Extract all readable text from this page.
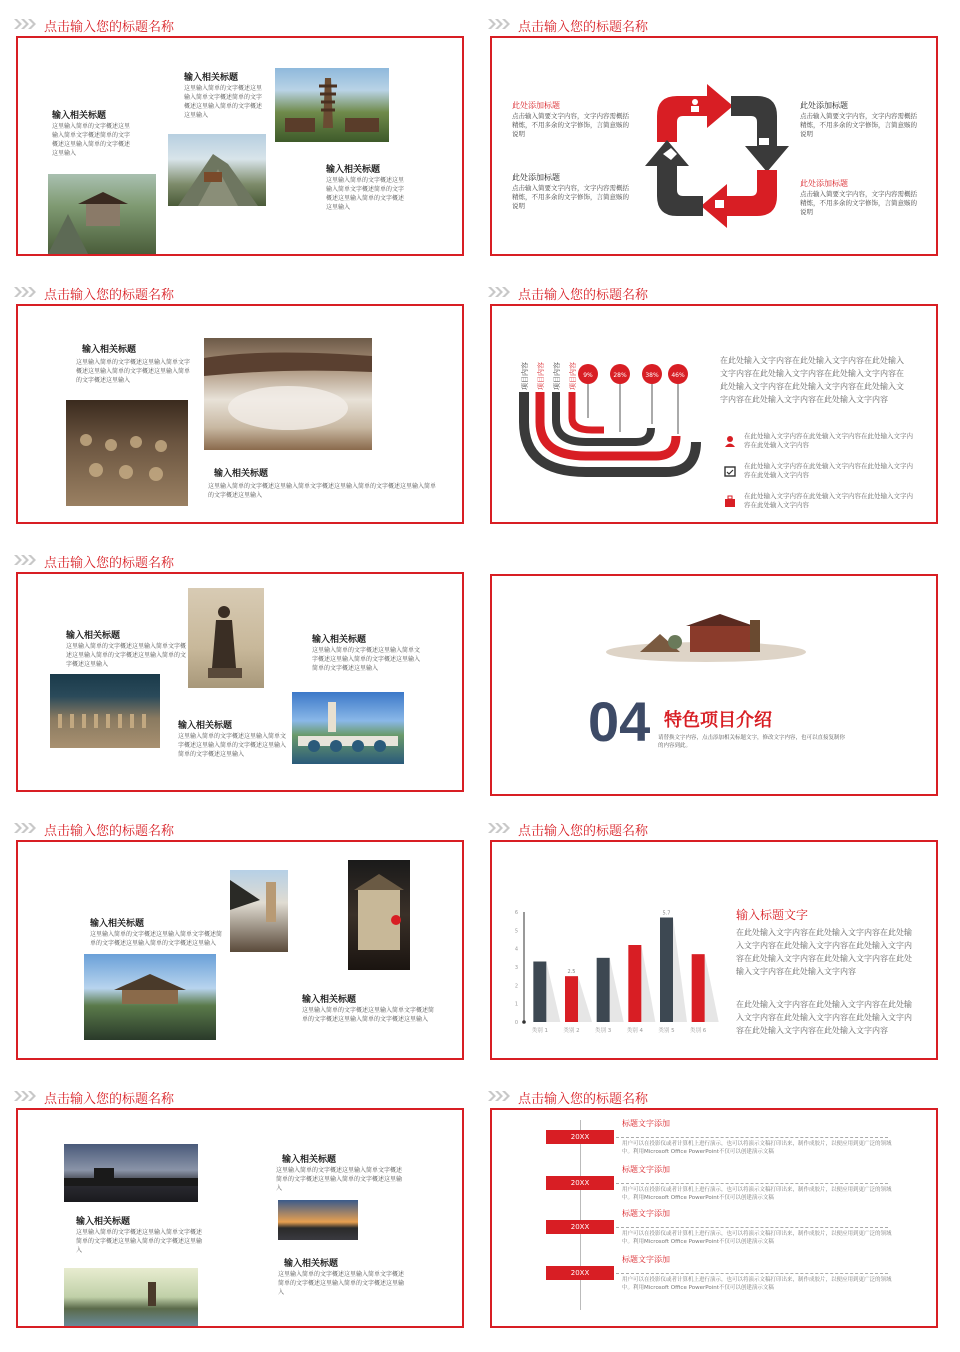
点击输入您的标题名称
输入相关标题
这里输入简单的文字概述这里输入简单文字概述简单的文字概述这里输入简单的文字概述这里输入
输入相关标题
这里输入简单的文字概述这里输入简单文字概述简单的文字概述这里输入简单的文字概述这里输入
输入相关标题
这里输入简单的文字概述这里输入简单文字概述简单的文字概述这里输入简单的文字概述这里输入
点击输入您的标题名称
此处添加标题
点击输入简要文字内容，文字内容需概括精炼，不用多余的文字修饰，言简意赅的说明
此处添加标题
点击输入简要文字内容，文字内容需概括精炼，不用多余的文字修饰，言简意赅的说明
此处添加标题
点击输入简要文字内容，文字内容需概括精炼，不用多余的文字修饰，言简意赅的说明
此处添加标题
点击输入简要文字内容，文字内容需概括精炼，不用多余的文字修饰，言简意赅的说明
点击输入您的标题名称
输入相关标题
这里输入简单的文字概述这里输入简单文字概述这里输入简单的文字概述这里输入简单的文字概述这里输入
输入相关标题
这里输入简单的文字概述这里输入简单文字概述这里输入简单的文字概述这里输入简单的文字概述这里输入
点击输入您的标题名称
9%	28%	38% 46%
项目内容 项目内容 项目内容 项目内容
在此处输入文字内容在此处输入文字内容在此处输入文字内容在此处输入文字内容在此处输入文字内容在此处输入文字内容在此处输入文字内容在此处输入文字内容在此处输入文字内容在此处输入文字内容
在此处输入文字内容在此处输入文字内容在此处输入文字内容在此处输入文字内容
在此处输入文字内容在此处输入文字内容在此处输入文字内容在此处输入文字内容
在此处输入文字内容在此处输入文字内容在此处输入文字内容在此处输入文字内容
点击输入您的标题名称
输入相关标题
这里输入简单的文字概述这里输入简单文字概述这里输入简单的文字概述这里输入简单的文字概述这里输入
输入相关标题
这里输入简单的文字概述这里输入简单文字概述这里输入简单的文字概述这里输入简单的文字概述这里输入
输入相关标题
这里输入简单的文字概述这里输入简单文字概述这里输入简单的文字概述这里输入简单的文字概述这里输入
04 特色项目介绍
请替换文字内容，点击添加相关标题文字，修改文字内容，也可以直接复制你的内容到此。
点击输入您的标题名称
输入相关标题
这里输入简单的文字概述这里输入简单文字概述简单的文字概述这里输入简单的文字概述这里输入
输入相关标题
这里输入简单的文字概述这里输入简单文字概述简单的文字概述这里输入简单的文字概述这里输入
点击输入您的标题名称
0
1
2
3
4
5
6
类别 1
2.5
类别 2	类别 3	类别 4
5.7
类别 5	类别 6
输入标题文字
在此处输入文字内容在此处输入文字内容在此处输入文字内容在此处输入文字内容在此处输入文字内容在此处输入文字内容在此处输入文字内容在此处输入文字内容在此处输入文字内容
在此处输入文字内容在此处输入文字内容在此处输入文字内容在此处输入文字内容在此处输入文字内容在此处输入文字内容在此处输入文字内容
点击输入您的标题名称
输入相关标题
这里输入简单的文字概述这里输入简单文字概述简单的文字概述这里输入简单的文字概述这里输入
输入相关标题
这里输入简单的文字概述这里输入简单文字概述简单的文字概述这里输入简单的文字概述这里输入
输入相关标题
这里输入简单的文字概述这里输入简单文字概述简单的文字概述这里输入简单的文字概述这里输入
点击输入您的标题名称
20XX
标题文字添加
用户可以在投影仪或者计算机上进行演示，也可以将演示文稿打印出来，制作成胶片，以便应用到更广泛的领域中。利用Microsoft Office PowerPoint不仅可以创建演示文稿
20XX
标题文字添加
用户可以在投影仪或者计算机上进行演示，也可以将演示文稿打印出来，制作成胶片，以便应用到更广泛的领域中。利用Microsoft Office PowerPoint不仅可以创建演示文稿
20XX
标题文字添加
用户可以在投影仪或者计算机上进行演示，也可以将演示文稿打印出来，制作成胶片，以便应用到更广泛的领域中。利用Microsoft Office PowerPoint不仅可以创建演示文稿
20XX
标题文字添加
用户可以在投影仪或者计算机上进行演示，也可以将演示文稿打印出来，制作成胶片，以便应用到更广泛的领域中。利用Microsoft Office PowerPoint不仅可以创建演示文稿
